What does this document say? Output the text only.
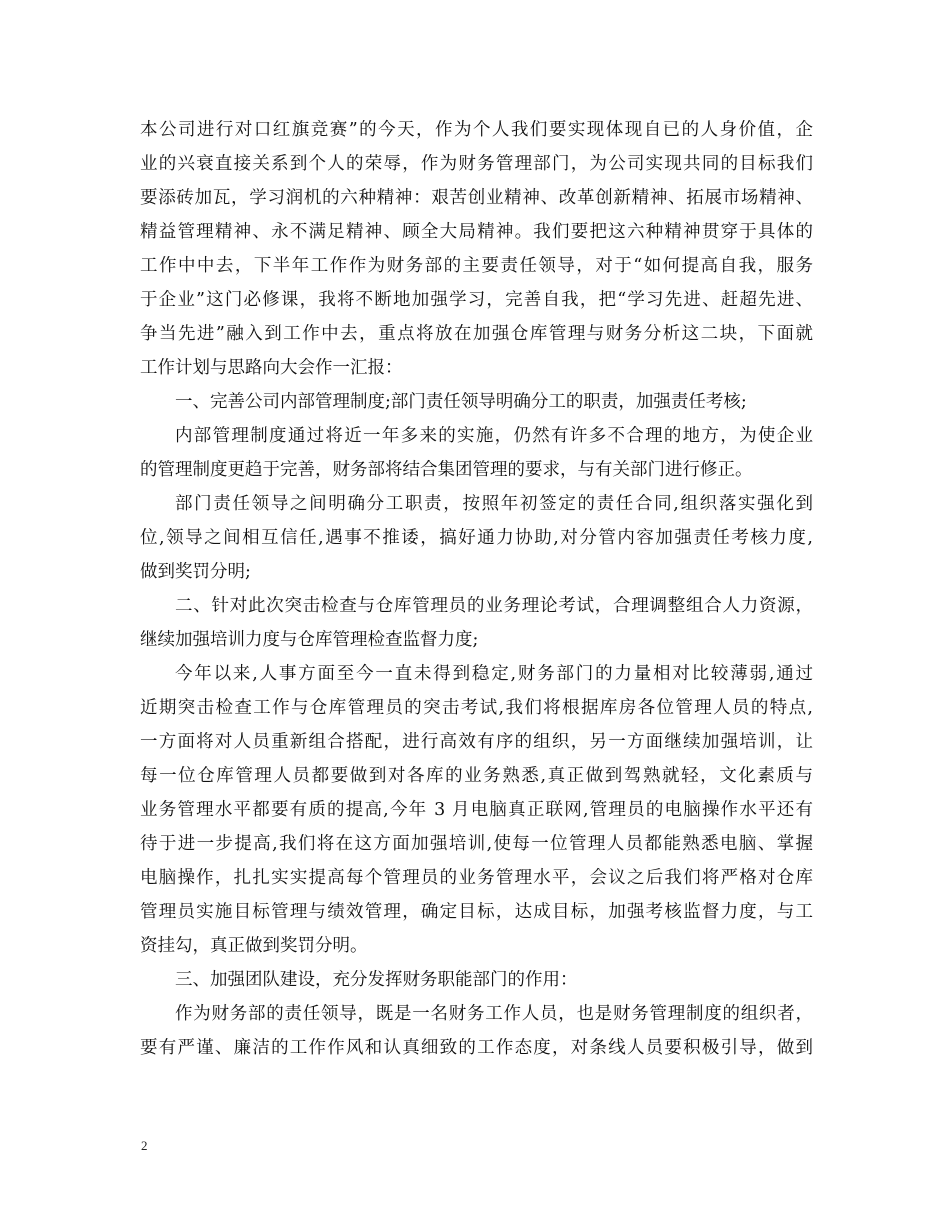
本公司进行对口红旗竞赛”的今天，作为个人我们要实现体现自已的人身价值，企
业的兴衰直接关系到个人的荣辱，作为财务管理部门，为公司实现共同的目标我们
要添砖加瓦，学习润机的六种精神：艰苦创业精神、改革创新精神、拓展市场精神、
精益管理精神、永不满足精神、顾全大局精神。我们要把这六种精神贯穿于具体的
工作中中去，下半年工作作为财务部的主要责任领导，对于“如何提高自我，服务
于企业”这门必修课，我将不断地加强学习，完善自我，把“学习先进、赶超先进、
争当先进”融入到工作中去，重点将放在加强仓库管理与财务分析这二块，下面就
工作计划与思路向大会作一汇报：
一、完善公司内部管理制度;部门责任领导明确分工的职责，加强责任考核;
内部管理制度通过将近一年多来的实施，仍然有许多不合理的地方，为使企业
的管理制度更趋于完善，财务部将结合集团管理的要求，与有关部门进行修正。
部门责任领导之间明确分工职责，按照年初签定的责任合同,组织落实强化到
位,领导之间相互信任,遇事不推诿，搞好通力协助,对分管内容加强责任考核力度,
做到奖罚分明;
二、针对此次突击检查与仓库管理员的业务理论考试，合理调整组合人力资源，
继续加强培训力度与仓库管理检查监督力度;
今年以来,人事方面至今一直未得到稳定,财务部门的力量相对比较薄弱,通过
近期突击检查工作与仓库管理员的突击考试,我们将根据库房各位管理人员的特点,
一方面将对人员重新组合搭配，进行高效有序的组织，另一方面继续加强培训，让
每一位仓库管理人员都要做到对各库的业务熟悉,真正做到驾熟就轻，文化素质与
业务管理水平都要有质的提高,今年 3 月电脑真正联网,管理员的电脑操作水平还有
待于进一步提高,我们将在这方面加强培训,使每一位管理人员都能熟悉电脑、掌握
电脑操作，扎扎实实提高每个管理员的业务管理水平，会议之后我们将严格对仓库
管理员实施目标管理与绩效管理，确定目标，达成目标，加强考核监督力度，与工
资挂勾，真正做到奖罚分明。
三、加强团队建设，充分发挥财务职能部门的作用：
作为财务部的责任领导，既是一名财务工作人员，也是财务管理制度的组织者，
要有严谨、廉洁的工作作风和认真细致的工作态度，对条线人员要积极引导，做到
2
